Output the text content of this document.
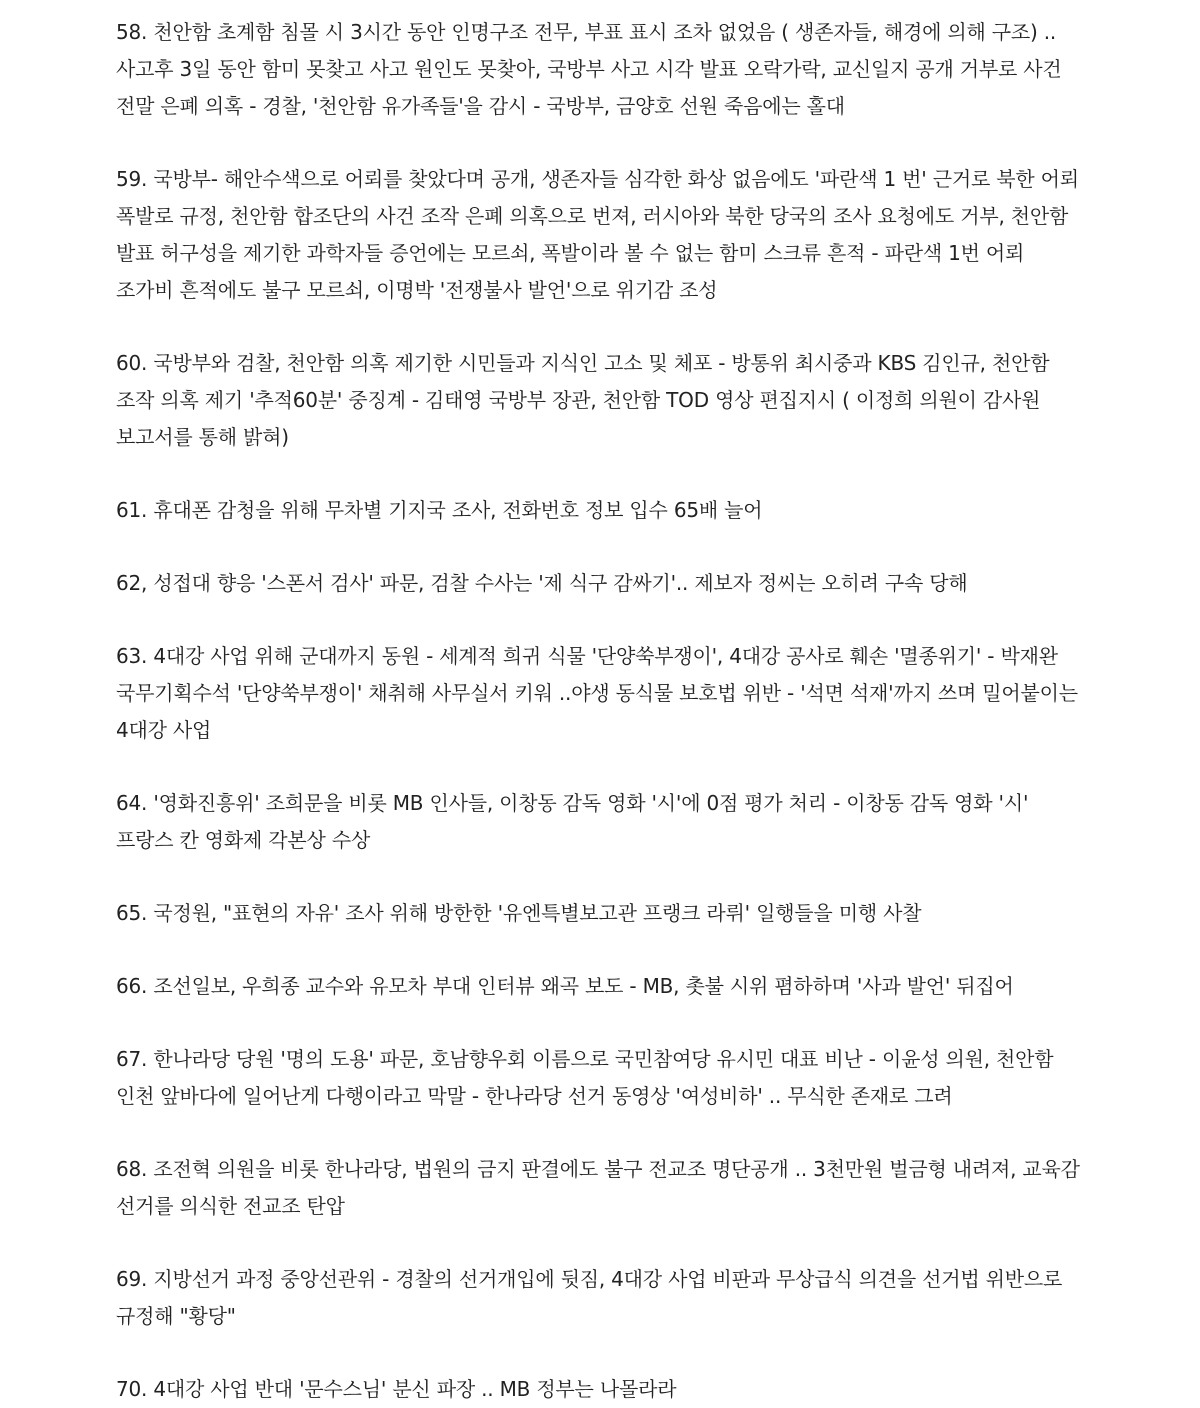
58. 천안함 초계함 침몰 시 3시간 동안 인명구조 전무, 부표 표시 조차 없었음 ( 생존자들, 해경에 의해 구조) .. 사고후 3일 동안 함미 못찾고 사고 원인도 못찾아, 국방부 사고 시각 발표 오락가락, 교신일지 공개 거부로 사건 전말 은폐 의혹 - 경찰, '천안함 유가족들'을 감시 - 국방부, 금양호 선원 죽음에는 홀대

59. 국방부- 해안수색으로 어뢰를 찾았다며 공개, 생존자들 심각한 화상 없음에도 '파란색 1 번' 근거로 북한 어뢰 폭발로 규정, 천안함 합조단의 사건 조작 은폐 의혹으로 번져, 러시아와 북한 당국의 조사 요청에도 거부, 천안함 발표 허구성을 제기한 과학자들 증언에는 모르쇠, 폭발이라 볼 수 없는 함미 스크류 흔적 - 파란색 1번 어뢰 조가비 흔적에도 불구 모르쇠, 이명박 '전쟁불사 발언'으로 위기감 조성

60. 국방부와 검찰, 천안함 의혹 제기한 시민들과 지식인 고소 및 체포 - 방통위 최시중과 KBS 김인규, 천안함 조작 의혹 제기 '추적60분' 중징계 - 김태영 국방부 장관, 천안함 TOD 영상 편집지시 ( 이정희 의원이 감사원 보고서를 통해 밝혀)

61. 휴대폰 감청을 위해 무차별 기지국 조사, 전화번호 정보 입수 65배 늘어

62, 성접대 향응 '스폰서 검사' 파문, 검찰 수사는 '제 식구 감싸기'.. 제보자 정씨는 오히려 구속 당해

63. 4대강 사업 위해 군대까지 동원 - 세계적 희귀 식물 '단양쑥부쟁이', 4대강 공사로 훼손 '멸종위기' - 박재완 국무기획수석 '단양쑥부쟁이' 채취해 사무실서 키워 ..야생 동식물 보호법 위반 - '석면 석재'까지 쓰며 밀어붙이는 4대강 사업

64. '영화진흥위' 조희문을 비롯 MB 인사들, 이창동 감독 영화 '시'에 0점 평가 처리 - 이창동 감독 영화 '시' 프랑스 칸 영화제 각본상 수상

65. 국정원, "표현의 자유' 조사 위해 방한한 '유엔특별보고관 프랭크 라뤼' 일행들을 미행 사찰

66. 조선일보, 우희종 교수와 유모차 부대 인터뷰 왜곡 보도 - MB, 촛불 시위 폄하하며 '사과 발언' 뒤집어

67. 한나라당 당원 '명의 도용' 파문, 호남향우회 이름으로 국민참여당 유시민 대표 비난 - 이윤성 의원, 천안함 인천 앞바다에 일어난게 다행이라고 막말 - 한나라당 선거 동영상 '여성비하' .. 무식한 존재로 그려

68. 조전혁 의원을 비롯 한나라당, 법원의 금지 판결에도 불구 전교조 명단공개 .. 3천만원 벌금형 내려져, 교육감 선거를 의식한 전교조 탄압

69. 지방선거 과정 중앙선관위 - 경찰의 선거개입에 뒷짐, 4대강 사업 비판과 무상급식 의견을 선거법 위반으로 규정해 "황당"

70. 4대강 사업 반대 '문수스님' 분신 파장 .. MB 정부는 나몰라라
